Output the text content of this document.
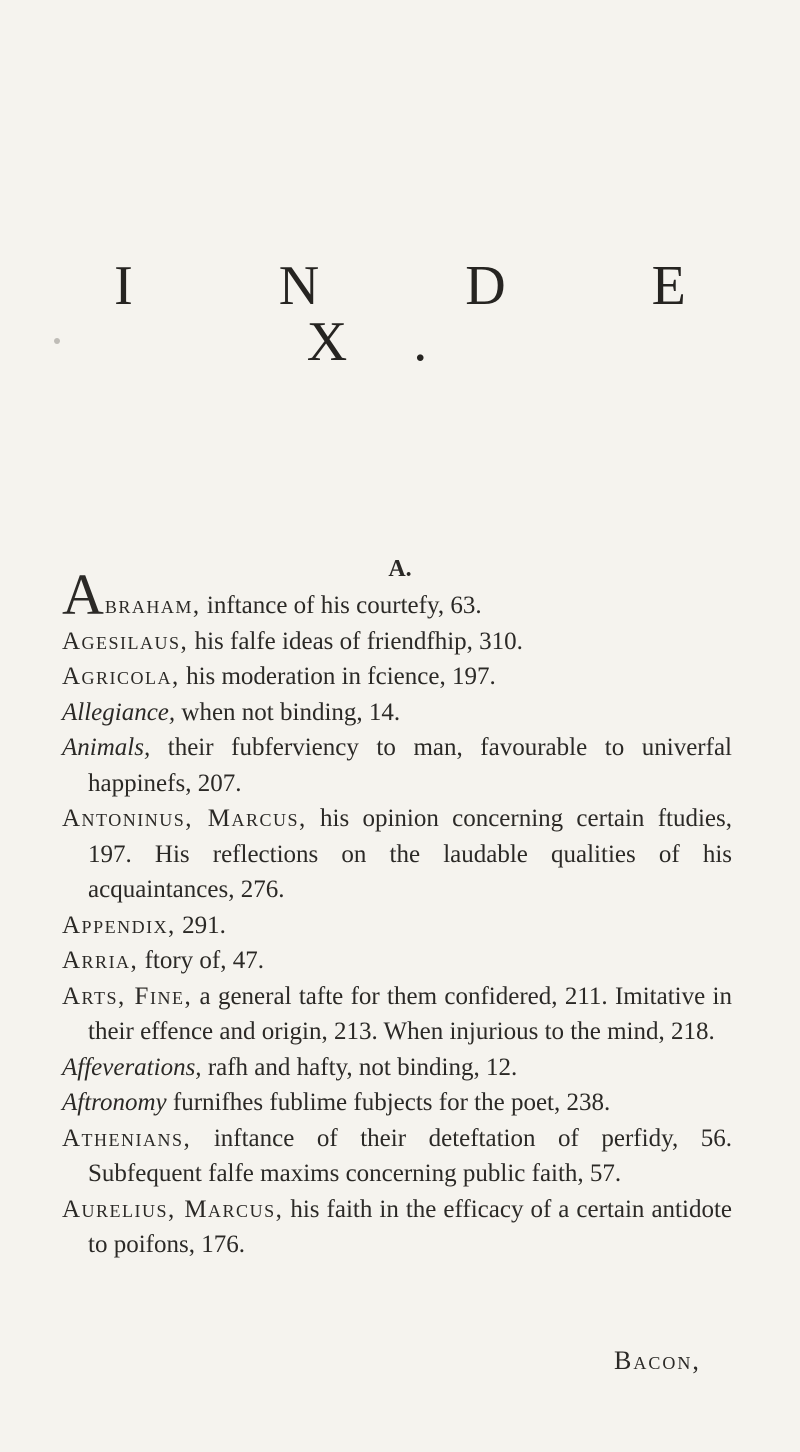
I N D E X.
A.

Abraham, inftance of his courtefy, 63.

Agesilaus, his falfe ideas of friendfhip, 310.

Agricola, his moderation in fcience, 197.

Allegiance, when not binding, 14.

Animals, their fubferviency to man, favourable to univerfal happinefs, 207.

Antoninus, Marcus, his opinion concerning certain ftudies, 197. His reflections on the laudable qualities of his acquaintances, 276.

Appendix, 291.

Arria, ftory of, 47.

Arts, Fine, a general tafte for them confidered, 211. Imitative in their effence and origin, 213. When injurious to the mind, 218.

Affeverations, rafh and hafty, not binding, 12.

Aftronomy furnifhes fublime fubjects for the poet, 238.

Athenians, inftance of their deteftation of perfidy, 56. Subfequent falfe maxims concerning public faith, 57.

Aurelius, Marcus, his faith in the efficacy of a certain antidote to poifons, 176.

Bacon,
